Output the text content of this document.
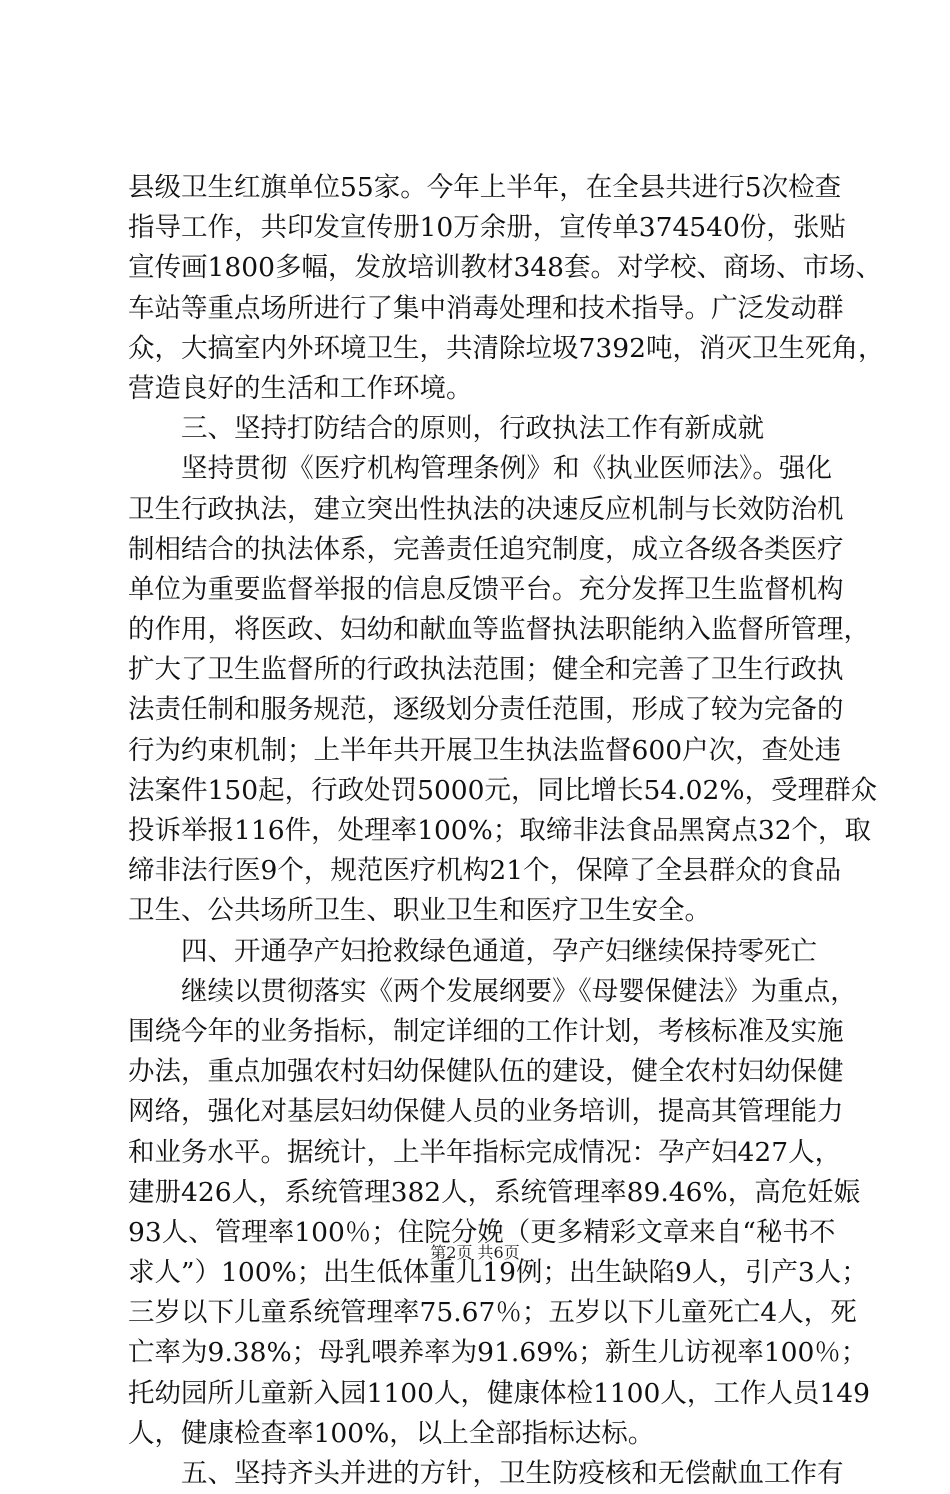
县级卫生红旗单位55家。今年上半年，在全县共进行5次检查
指导工作，共印发宣传册10万余册，宣传单374540份，张贴
宣传画1800多幅，发放培训教材348套。对学校、商场、市场、
车站等重点场所进行了集中消毒处理和技术指导。广泛发动群
众，大搞室内外环境卫生，共清除垃圾7392吨，消灭卫生死角，
营造良好的生活和工作环境。
三、坚持打防结合的原则，行政执法工作有新成就
坚持贯彻《医疗机构管理条例》和《执业医师法》。强化
卫生行政执法，建立突出性执法的决速反应机制与长效防治机
制相结合的执法体系，完善责任追究制度，成立各级各类医疗
单位为重要监督举报的信息反馈平台。充分发挥卫生监督机构
的作用，将医政、妇幼和献血等监督执法职能纳入监督所管理，
扩大了卫生监督所的行政执法范围；健全和完善了卫生行政执
法责任制和服务规范，逐级划分责任范围，形成了较为完备的
行为约束机制；上半年共开展卫生执法监督600户次，查处违
法案件150起，行政处罚5000元，同比增长54.02%，受理群众
投诉举报116件，处理率100%；取缔非法食品黑窝点32个，取
缔非法行医9个，规范医疗机构21个，保障了全县群众的食品
卫生、公共场所卫生、职业卫生和医疗卫生安全。
四、开通孕产妇抢救绿色通道，孕产妇继续保持零死亡
继续以贯彻落实《两个发展纲要》《母婴保健法》为重点，
围绕今年的业务指标，制定详细的工作计划，考核标准及实施
办法，重点加强农村妇幼保健队伍的建设，健全农村妇幼保健
网络，强化对基层妇幼保健人员的业务培训，提高其管理能力
和业务水平。据统计，上半年指标完成情况：孕产妇427人，
建册426人，系统管理382人，系统管理率89.46%，高危妊娠
93人、管理率100％；住院分娩（更多精彩文章来自“秘书不
求人”）100%；出生低体重儿19例；出生缺陷9人，引产3人；
三岁以下儿童系统管理率75.67％；五岁以下儿童死亡4人，死
亡率为9.38%；母乳喂养率为91.69%；新生儿访视率100％；
托幼园所儿童新入园1100人，健康体检1100人，工作人员149
人，健康检查率100%，以上全部指标达标。
五、坚持齐头并进的方针，卫生防疫核和无偿献血工作有
第2页 共6页
